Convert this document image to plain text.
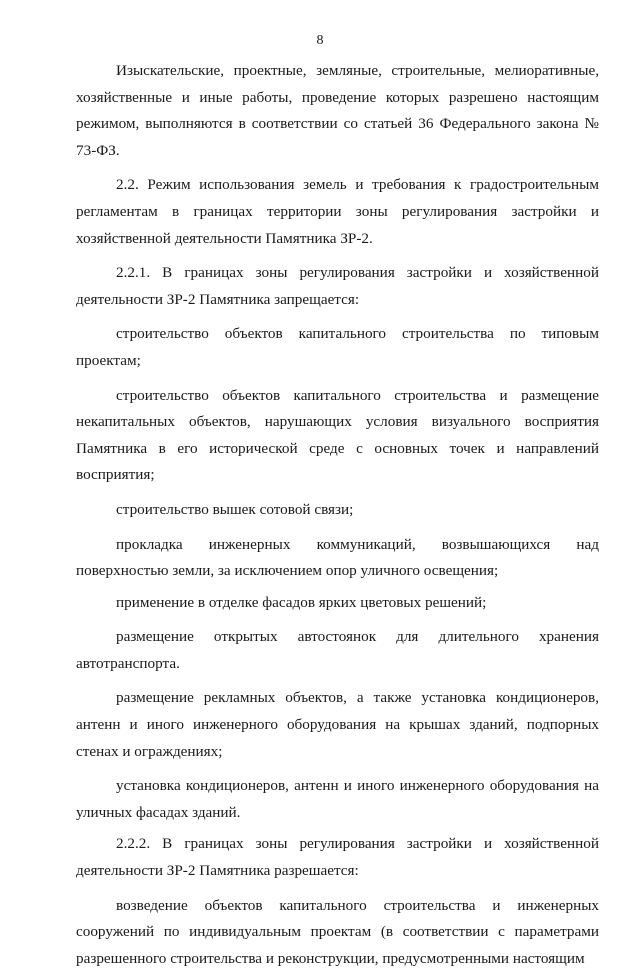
8

Изыскательские, проектные, земляные, строительные, мелиоративные, хозяйственные и иные работы, проведение которых разрешено настоящим режимом, выполняются в соответствии со статьей 36 Федерального закона № 73-ФЗ.

2.2. Режим использования земель и требования к градостроительным регламентам в границах территории зоны регулирования застройки и хозяйственной деятельности Памятника ЗР-2.

2.2.1. В границах зоны регулирования застройки и хозяйственной деятельности ЗР-2 Памятника запрещается:

строительство объектов капитального строительства по типовым проектам;

строительство объектов капитального строительства и размещение некапитальных объектов, нарушающих условия визуального восприятия Памятника в его исторической среде с основных точек и направлений восприятия;

строительство вышек сотовой связи;

прокладка инженерных коммуникаций, возвышающихся над поверхностью земли, за исключением опор уличного освещения;

применение в отделке фасадов ярких цветовых решений;

размещение открытых автостоянок для длительного хранения автотранспорта.

размещение рекламных объектов, а также установка кондиционеров, антенн и иного инженерного оборудования на крышах зданий, подпорных стенах и ограждениях;

установка кондиционеров, антенн и иного инженерного оборудования на уличных фасадах зданий.

2.2.2. В границах зоны регулирования застройки и хозяйственной деятельности ЗР-2 Памятника разрешается:

возведение объектов капитального строительства и инженерных сооружений по индивидуальным проектам (в соответствии с параметрами разрешенного строительства и реконструкции, предусмотренными настоящим
